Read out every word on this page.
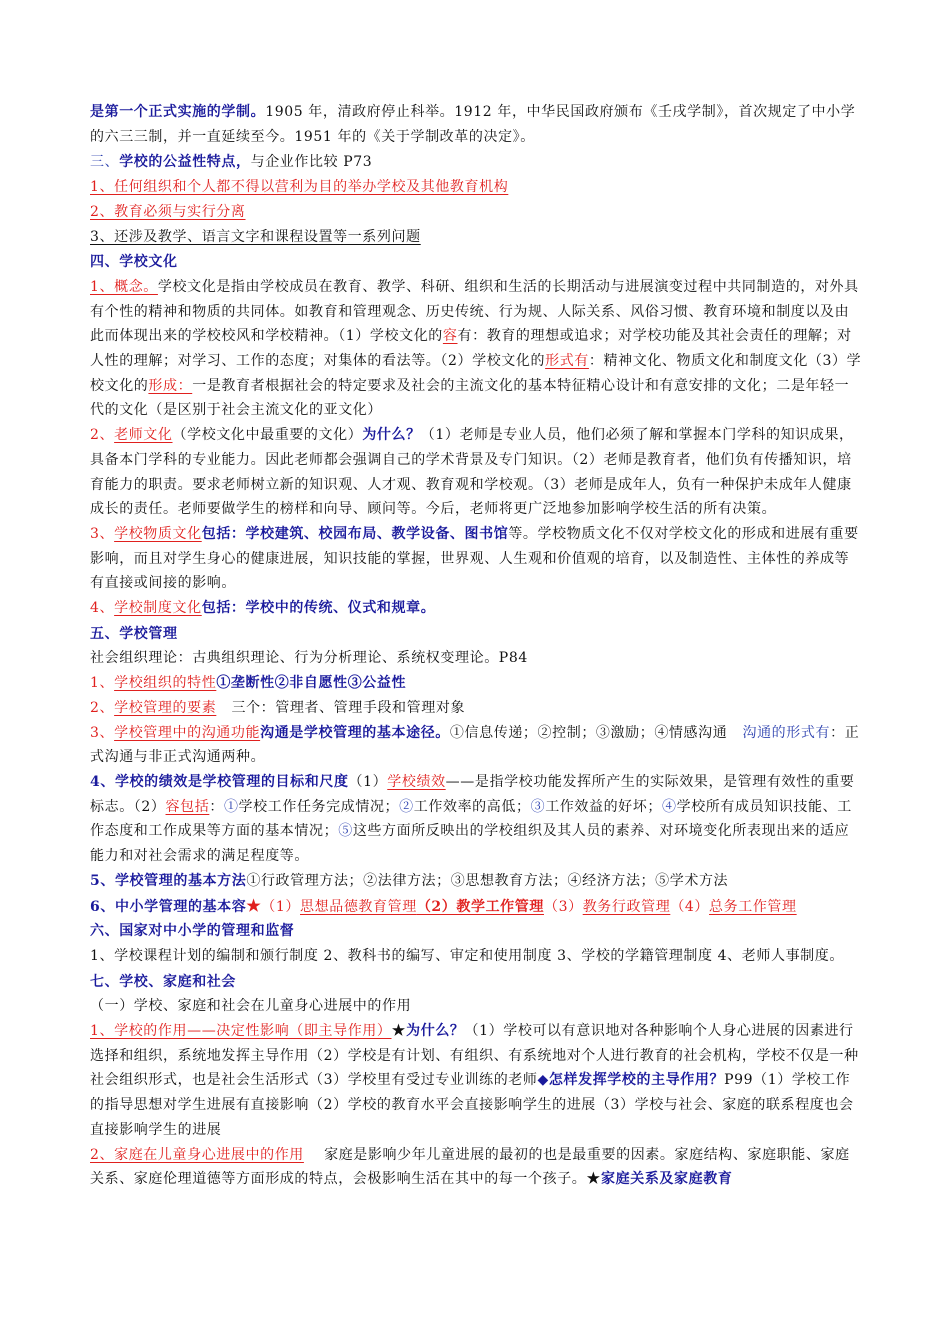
是第一个正式实施的学制。1905 年，清政府停止科举。1912 年，中华民国政府颁布《壬戌学制》，首次规定了中小学的六三三制，并一直延续至今。1951 年的《关于学制改革的决定》。

三、学校的公益性特点，与企业作比较 P73

1、任何组织和个人都不得以营利为目的举办学校及其他教育机构

2、教育必须与实行分离

3、还涉及教学、语言文字和课程设置等一系列问题

四、学校文化

1、概念。学校文化是指由学校成员在教育、教学、科研、组织和生活的长期活动与进展演变过程中共同制造的，对外具有个性的精神和物质的共同体。如教育和管理观念、历史传统、行为规、人际关系、风俗习惯、教育环境和制度以及由此而体现出来的学校校风和学校精神。（1）学校文化的容有：教育的理想或追求；对学校功能及其社会责任的理解；对人性的理解；对学习、工作的态度；对集体的看法等。（2）学校文化的形式有：精神文化、物质文化和制度文化（3）学校文化的形成：一是教育者根据社会的特定要求及社会的主流文化的基本特征精心设计和有意安排的文化；二是年轻一代的文化（是区别于社会主流文化的亚文化）

2、老师文化（学校文化中最重要的文化）为什么？（1）老师是专业人员，他们必须了解和掌握本门学科的知识成果，具备本门学科的专业能力。因此老师都会强调自己的学术背景及专门知识。（2）老师是教育者，他们负有传播知识，培育能力的职责。要求老师树立新的知识观、人才观、教育观和学校观。（3）老师是成年人，负有一种保护未成年人健康成长的责任。老师要做学生的榜样和向导、顾问等。今后，老师将更广泛地参加影响学校生活的所有决策。

3、学校物质文化包括：学校建筑、校园布局、教学设备、图书馆等。学校物质文化不仅对学校文化的形成和进展有重要影响，而且对学生身心的健康进展，知识技能的掌握，世界观、人生观和价值观的培育，以及制造性、主体性的养成等有直接或间接的影响。

4、学校制度文化包括：学校中的传统、仪式和规章。

五、学校管理

社会组织理论：古典组织理论、行为分析理论、系统权变理论。P84

1、学校组织的特性①垄断性②非自愿性③公益性

2、学校管理的要素   三个：管理者、管理手段和管理对象

3、学校管理中的沟通功能沟通是学校管理的基本途径。①信息传递；②控制；③激励；④情感沟通   沟通的形式有：正式沟通与非正式沟通两种。

4、学校的绩效是学校管理的目标和尺度（1）学校绩效——是指学校功能发挥所产生的实际效果，是管理有效性的重要标志。（2）容包括：①学校工作任务完成情况；②工作效率的高低；③工作效益的好坏；④学校所有成员知识技能、工作态度和工作成果等方面的基本情况；⑤这些方面所反映出的学校组织及其人员的素养、对环境变化所表现出来的适应能力和对社会需求的满足程度等。

5、学校管理的基本方法①行政管理方法；②法律方法；③思想教育方法；④经济方法；⑤学术方法

6、中小学管理的基本容★（1）思想品德教育管理（2）教学工作管理（3）教务行政管理（4）总务工作管理

六、国家对中小学的管理和监督

1、学校课程计划的编制和颁行制度 2、教科书的编写、审定和使用制度 3、学校的学籍管理制度 4、老师人事制度。

七、学校、家庭和社会

（一）学校、家庭和社会在儿童身心进展中的作用

1、学校的作用——决定性影响（即主导作用）★为什么？（1）学校可以有意识地对各种影响个人身心进展的因素进行选择和组织，系统地发挥主导作用（2）学校是有计划、有组织、有系统地对个人进行教育的社会机构，学校不仅是一种社会组织形式，也是社会生活形式（3）学校里有受过专业训练的老师◆怎样发挥学校的主导作用？P99（1）学校工作的指导思想对学生进展有直接影响（2）学校的教育水平会直接影响学生的进展（3）学校与社会、家庭的联系程度也会直接影响学生的进展

2、家庭在儿童身心进展中的作用    家庭是影响少年儿童进展的最初的也是最重要的因素。家庭结构、家庭职能、家庭关系、家庭伦理道德等方面形成的特点，会极影响生活在其中的每一个孩子。★家庭关系及家庭教育
